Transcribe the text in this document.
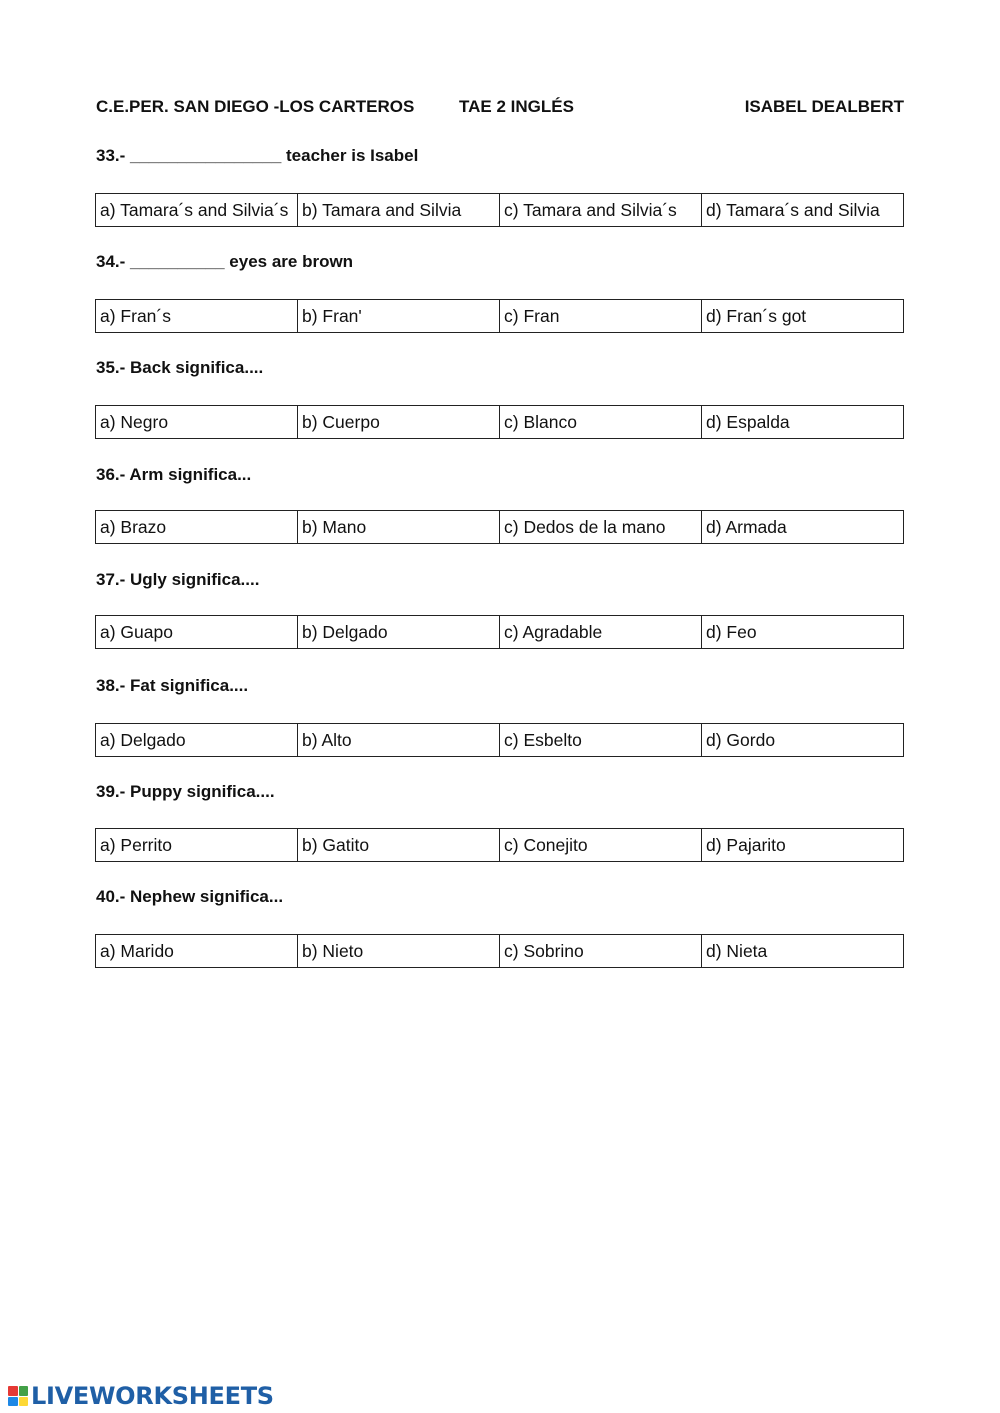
C.E.PER. SAN DIEGO -LOS CARTEROS	TAE 2 INGLÉS	ISABEL DEALBERT
33.- ________________ teacher is Isabel
a) Tamara´s and Silvia´s b) Tamara and Silvia	c) Tamara and Silvia´s	d) Tamara´s and Silvia
34.- __________ eyes are brown
a) Fran´s	b) Fran'	c) Fran	d) Fran´s got
35.- Back significa....
a) Negro	b) Cuerpo	c) Blanco	d) Espalda
36.- Arm significa...
a) Brazo	b) Mano	c) Dedos de la mano	d) Armada
37.- Ugly significa....
a) Guapo	b) Delgado	c) Agradable	d) Feo
38.- Fat significa....
a) Delgado	b) Alto	c) Esbelto	d) Gordo
39.- Puppy significa....
a) Perrito	b) Gatito	c) Conejito	d) Pajarito
40.- Nephew significa...
a) Marido	b) Nieto	c) Sobrino	d) Nieta
LIVEWORKSHEETS
